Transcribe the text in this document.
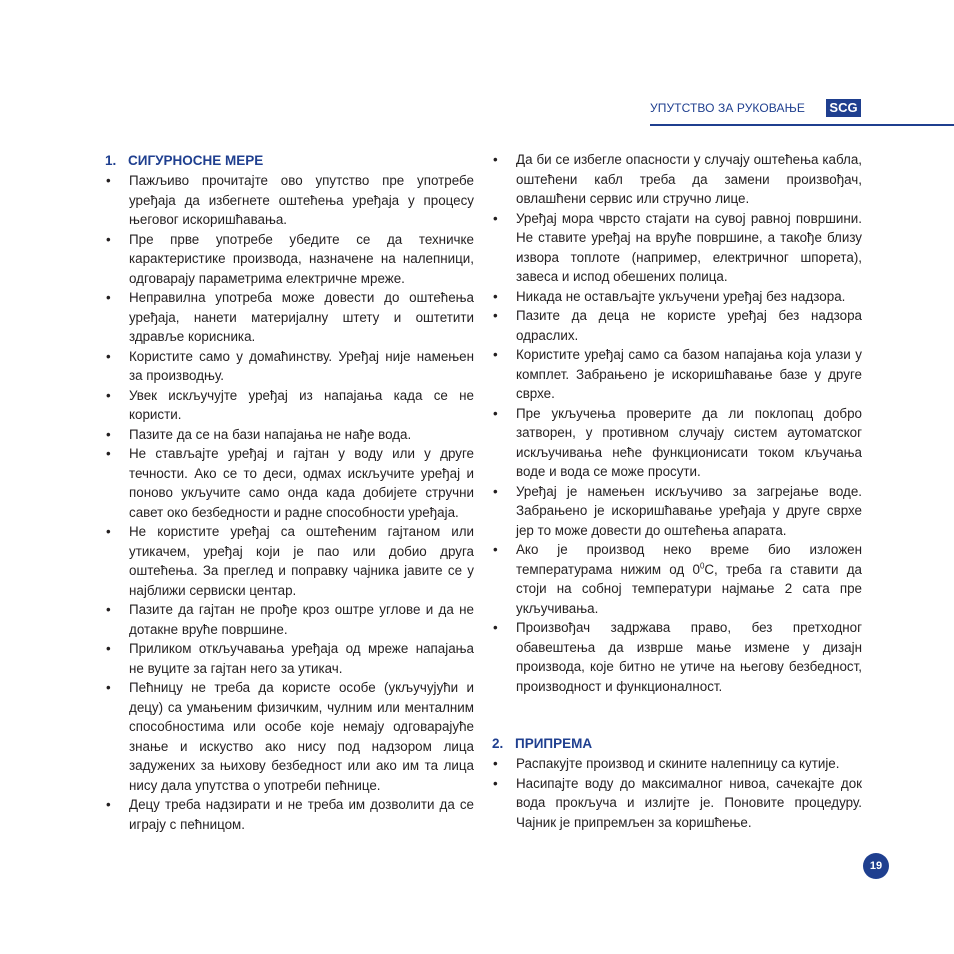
УПУТСТВО ЗА РУКОВАЊЕ SCG
1. СИГУРНОСНЕ МЕРЕ
• Пажљиво прочитајте ово упутство пре употребе уређаја да избегнете оштећења уређаја у процесу његовог искоришћавања.
• Пре прве употребе убедите се да техничке карактеристике производа, назначене на налепници, одговарају параметрима електричне мреже.
• Неправилна употреба може довести до оштећења уређаја, нанети материјалну штету и оштетити здравље корисника.
• Користите само у домаћинству. Уређај није намењен за производњу.
• Увек искључујте уређај из напајања када се не користи.
• Пазите да се на бази напајања не нађе вода.
• Не стављајте уређај и гајтан у воду или у друге течности. Ако се то деси, одмах искључите уређај и поново укључите само онда када добијете стручни савет око безбедности и радне способности уређаја.
• Не користите уређај са оштећеним гајтаном или утикачем, уређај који је пао или добио друга оштећења. За преглед и поправку чајника јавите се у најближи сервиски центар.
• Пазите да гајтан не прође кроз оштре углове и да не дотакне вруће површине.
• Приликом откључавања уређаја од мреже напајања не вуците за гајтан него за утикач.
• Пећницу не треба да користе особе (укључујући и децу) са умањеним физичким, чулним или менталним способностима или особе које немају одговарајуће знање и искуство ако нису под надзором лица задужених за њихову безбедност или ако им та лица нису дала упутства о употреби пећнице.
• Децу треба надзирати и не треба им дозволити да се играју с пећницом.
• Да би се избегле опасности у случају оштећења кабла, оштећени кабл треба да замени произвођач, овлашћени сервис или стручно лице.
• Уређај мора чврсто стајати на сувој равној површини. Не ставите уређај на вруће површине, а такође близу извора топлоте (например, електричног шпорета), завеса и испод обешених полица.
• Никада не остављајте укључени уређај без надзора.
• Пазите да деца не користе уређај без надзора одраслих.
• Користите уређај само са базом напајања која улази у комплет. Забрањено је искоришћавање базе у друге сврхе.
• Пре укључења проверите да ли поклопац добро затворен, у противном случају систем аутоматског искључивања неће функционисати током кључања воде и вода се може просути.
• Уређај је намењен искључиво за загрејање воде. Забрањено је искоришћавање уређаја у друге сврхе јер то може довести до оштећења апарата.
• Ако је производ неко време био изложен температурама нижим од $0^0C$, треба га ставити да стоји на собној температури најмање 2 сата пре укључивања.
• Произвођач задржава право, без претходног обавештења да изврше мање измене у дизајн производа, које битно не утиче на његову безбедност, производност и функционалност.
2. ПРИПРЕМА
• Распакујте производ и скините налепницу са кутије.
• Насипајте воду до максималног нивоа, сачекајте док вода прокључа и излијте је. Поновите процедуру. Чајник је припремљен за коришћење.
19
